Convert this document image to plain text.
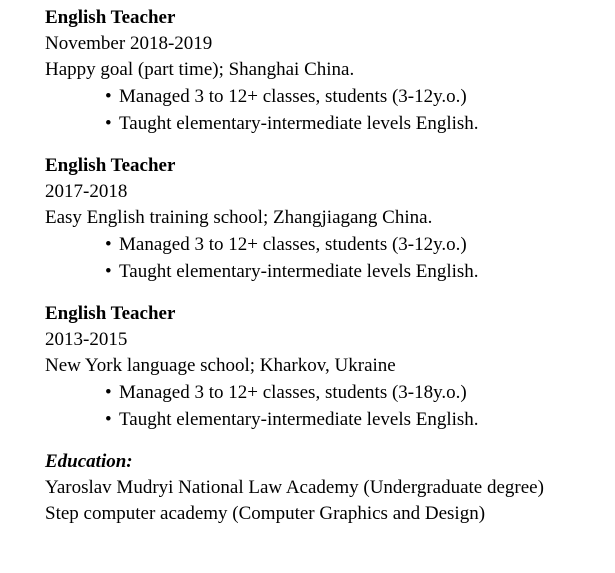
English Teacher
November 2018-2019
Happy goal (part time); Shanghai China.
• Managed 3 to 12+ classes, students (3-12y.o.)
• Taught elementary-intermediate levels English.
English Teacher
2017-2018
Easy English training school; Zhangjiagang China.
• Managed 3 to 12+ classes, students (3-12y.o.)
• Taught elementary-intermediate levels English.
English Teacher
2013-2015
New York language school; Kharkov, Ukraine
• Managed 3 to 12+ classes, students (3-18y.o.)
• Taught elementary-intermediate levels English.
Education:
Yaroslav Mudryi National Law Academy (Undergraduate degree)
Step computer academy (Computer Graphics and Design)
